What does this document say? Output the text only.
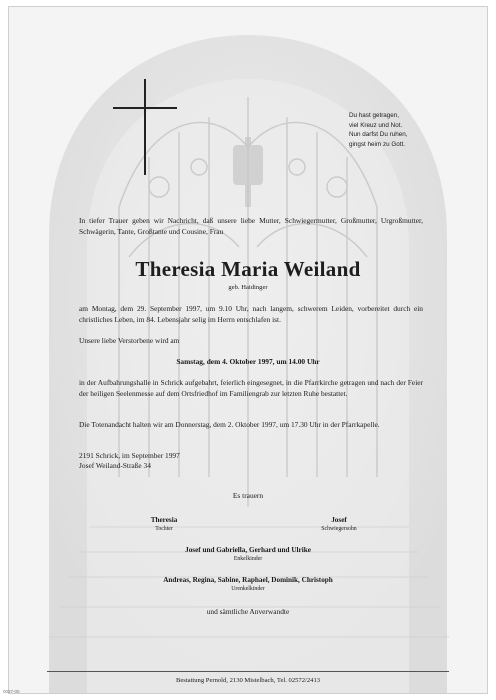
Du hast getragen,
viel Kreuz und Not.
Nun darfst Du ruhen,
gingst heim zu Gott.
In tiefer Trauer geben wir Nachricht, daß unsere liebe Mutter, Schwiegermutter, Großmutter, Urgroßmutter, Schwägerin, Tante, Großtante und Cousine, Frau
Theresia Maria Weiland
geb. Haidinger
am Montag, dem 29. September 1997, um 9.10 Uhr, nach langem, schwerem Leiden, vorbereitet durch ein christliches Leben, im 84. Lebensjahr selig im Herrn entschlafen ist.
Unsere liebe Verstorbene wird am
Samstag, dem 4. Oktober 1997, um 14.00 Uhr
in der Aufbahrungshalle in Schrick aufgebahrt, feierlich eingesegnet, in die Pfarrkirche getragen und nach der Feier der heiligen Seelenmesse auf dem Ortsfriedhof im Familiengrab zur letzten Ruhe bestattet.
Die Totenandacht halten wir am Donnerstag, dem 2. Oktober 1997, um 17.30 Uhr in der Pfarrkapelle.
2191 Schrick, im September 1997
Josef Weiland-Straße 34
Es trauern
Theresia
Tochter
Josef
Schwiegersohn
Josef und Gabriella, Gerhard und Ulrike
Enkelkinder
Andreas, Regina, Sabine, Raphael, Dominik, Christoph
Urenkelkinder
und sämtliche Anverwandte
Bestattung Pernold, 2130 Mistelbach, Tel. 02572/2413
0037-00
